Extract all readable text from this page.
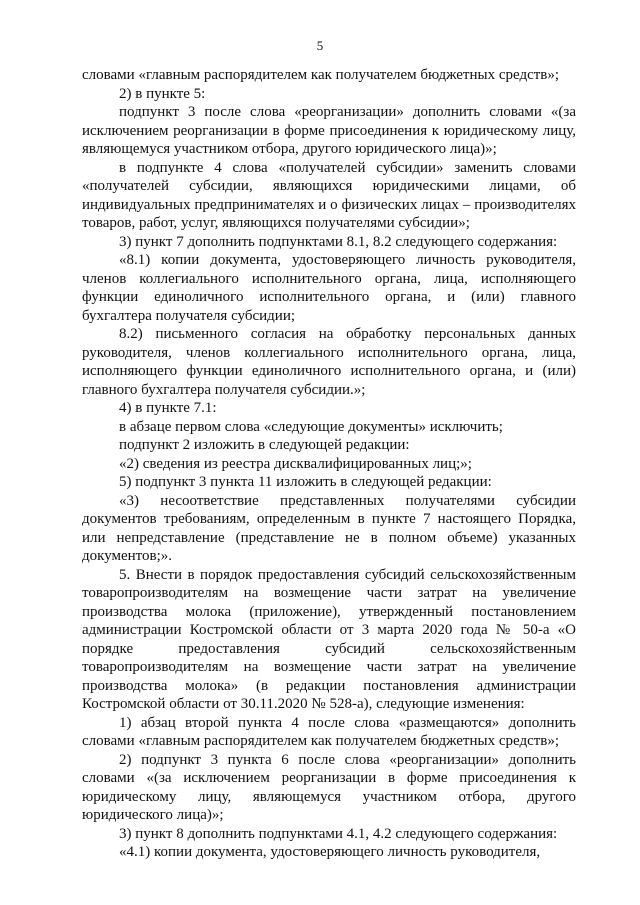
5

словами «главным распорядителем как получателем бюджетных средств»;

2) в пункте 5:

подпункт 3 после слова «реорганизации» дополнить словами «(за исключением реорганизации в форме присоединения к юридическому лицу, являющемуся участником отбора, другого юридического лица)»;

в подпункте 4 слова «получателей субсидии» заменить словами «получателей субсидии, являющихся юридическими лицами, об индивидуальных предпринимателях и о физических лицах – производителях товаров, работ, услуг, являющихся получателями субсидии»;

3) пункт 7 дополнить подпунктами 8.1, 8.2 следующего содержания:

«8.1) копии документа, удостоверяющего личность руководителя, членов коллегиального исполнительного органа, лица, исполняющего функции единоличного исполнительного органа, и (или) главного бухгалтера получателя субсидии;

8.2) письменного согласия на обработку персональных данных руководителя, членов коллегиального исполнительного органа, лица, исполняющего функции единоличного исполнительного органа, и (или) главного бухгалтера получателя субсидии.»;

4) в пункте 7.1:

в абзаце первом слова «следующие документы» исключить;

подпункт 2 изложить в следующей редакции:

«2) сведения из реестра дисквалифицированных лиц;»;

5) подпункт 3 пункта 11 изложить в следующей редакции:

«3) несоответствие представленных получателями субсидии документов требованиям, определенным в пункте 7 настоящего Порядка, или непредставление (представление не в полном объеме) указанных документов;».

5. Внести в порядок предоставления субсидий сельскохозяйственным товаропроизводителям на возмещение части затрат на увеличение производства молока (приложение), утвержденный постановлением администрации Костромской области от 3 марта 2020 года № 50-а «О порядке предоставления субсидий сельскохозяйственным товаропроизводителям на возмещение части затрат на увеличение производства молока» (в редакции постановления администрации Костромской области от 30.11.2020 № 528-а), следующие изменения:

1) абзац второй пункта 4 после слова «размещаются» дополнить словами «главным распорядителем как получателем бюджетных средств»;

2) подпункт 3 пункта 6 после слова «реорганизации» дополнить словами «(за исключением реорганизации в форме присоединения к юридическому лицу, являющемуся участником отбора, другого юридического лица)»;

3) пункт 8 дополнить подпунктами 4.1, 4.2 следующего содержания:

«4.1) копии документа, удостоверяющего личность руководителя,
